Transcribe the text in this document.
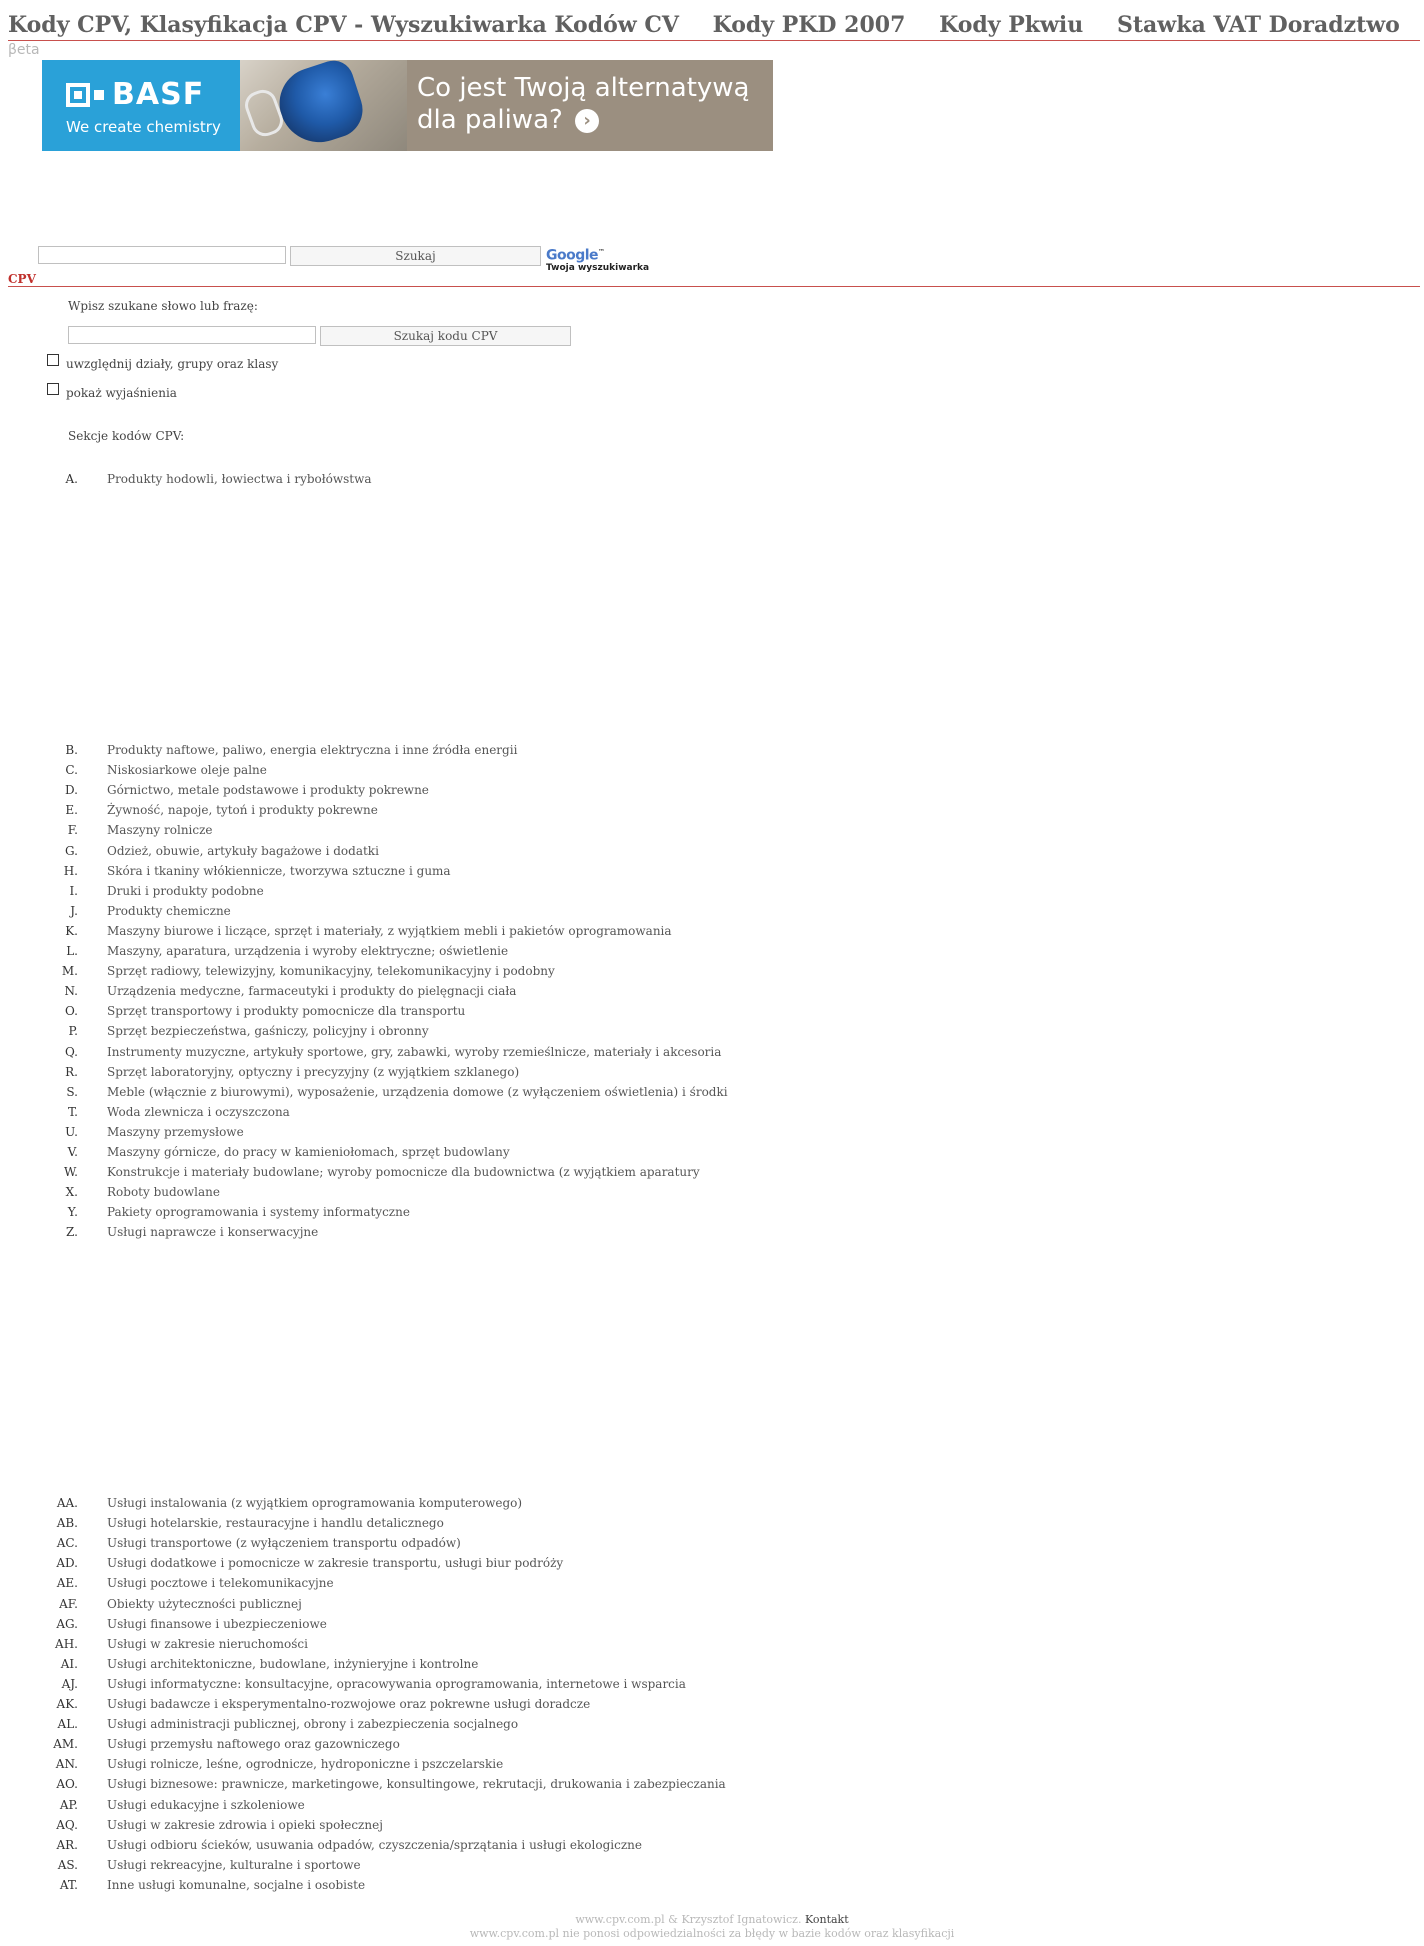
Kody CPV, Klasyfikacja CPV - Wyszukiwarka Kodów CV Kody PKD 2007 Kody Pkwiu Stawka VAT Doradztwo
βeta
BASF
We create chemistry
Co jest Twoją alternatywą
dla paliwa? ›
Szukaj	Google™
Twoja wyszukiwarka
CPV
Wpisz szukane słowo lub frazę:
Szukaj kodu CPV
uwzględnij działy, grupy oraz klasy
pokaż wyjaśnienia
Sekcje kodów CPV:
A. Produkty hodowli, łowiectwa i rybołówstwa
B. Produkty naftowe, paliwo, energia elektryczna i inne źródła energii
C. Niskosiarkowe oleje palne
D. Górnictwo, metale podstawowe i produkty pokrewne
E. Żywność, napoje, tytoń i produkty pokrewne
F. Maszyny rolnicze
G. Odzież, obuwie, artykuły bagażowe i dodatki
H. Skóra i tkaniny włókiennicze, tworzywa sztuczne i guma
I. Druki i produkty podobne
J. Produkty chemiczne
K. Maszyny biurowe i liczące, sprzęt i materiały, z wyjątkiem mebli i pakietów oprogramowania
L. Maszyny, aparatura, urządzenia i wyroby elektryczne; oświetlenie
M. Sprzęt radiowy, telewizyjny, komunikacyjny, telekomunikacyjny i podobny
N. Urządzenia medyczne, farmaceutyki i produkty do pielęgnacji ciała
O. Sprzęt transportowy i produkty pomocnicze dla transportu
P. Sprzęt bezpieczeństwa, gaśniczy, policyjny i obronny
Q. Instrumenty muzyczne, artykuły sportowe, gry, zabawki, wyroby rzemieślnicze, materiały i akcesoria
R. Sprzęt laboratoryjny, optyczny i precyzyjny (z wyjątkiem szklanego)
S. Meble (włącznie z biurowymi), wyposażenie, urządzenia domowe (z wyłączeniem oświetlenia) i środki
T. Woda zlewnicza i oczyszczona
U. Maszyny przemysłowe
V. Maszyny górnicze, do pracy w kamieniołomach, sprzęt budowlany
W. Konstrukcje i materiały budowlane; wyroby pomocnicze dla budownictwa (z wyjątkiem aparatury
X. Roboty budowlane
Y. Pakiety oprogramowania i systemy informatyczne
Z. Usługi naprawcze i konserwacyjne
AA. Usługi instalowania (z wyjątkiem oprogramowania komputerowego)
AB. Usługi hotelarskie, restauracyjne i handlu detalicznego
AC. Usługi transportowe (z wyłączeniem transportu odpadów)
AD. Usługi dodatkowe i pomocnicze w zakresie transportu, usługi biur podróży
AE. Usługi pocztowe i telekomunikacyjne
AF. Obiekty użyteczności publicznej
AG. Usługi finansowe i ubezpieczeniowe
AH. Usługi w zakresie nieruchomości
AI. Usługi architektoniczne, budowlane, inżynieryjne i kontrolne
AJ. Usługi informatyczne: konsultacyjne, opracowywania oprogramowania, internetowe i wsparcia
AK. Usługi badawcze i eksperymentalno-rozwojowe oraz pokrewne usługi doradcze
AL. Usługi administracji publicznej, obrony i zabezpieczenia socjalnego
AM. Usługi przemysłu naftowego oraz gazowniczego
AN. Usługi rolnicze, leśne, ogrodnicze, hydroponiczne i pszczelarskie
AO. Usługi biznesowe: prawnicze, marketingowe, konsultingowe, rekrutacji, drukowania i zabezpieczania
AP. Usługi edukacyjne i szkoleniowe
AQ. Usługi w zakresie zdrowia i opieki społecznej
AR. Usługi odbioru ścieków, usuwania odpadów, czyszczenia/sprzątania i usługi ekologiczne
AS. Usługi rekreacyjne, kulturalne i sportowe
AT. Inne usługi komunalne, socjalne i osobiste
www.cpv.com.pl & Krzysztof Ignatowicz. Kontakt
www.cpv.com.pl nie ponosi odpowiedzialności za błędy w bazie kodów oraz klasyfikacji
